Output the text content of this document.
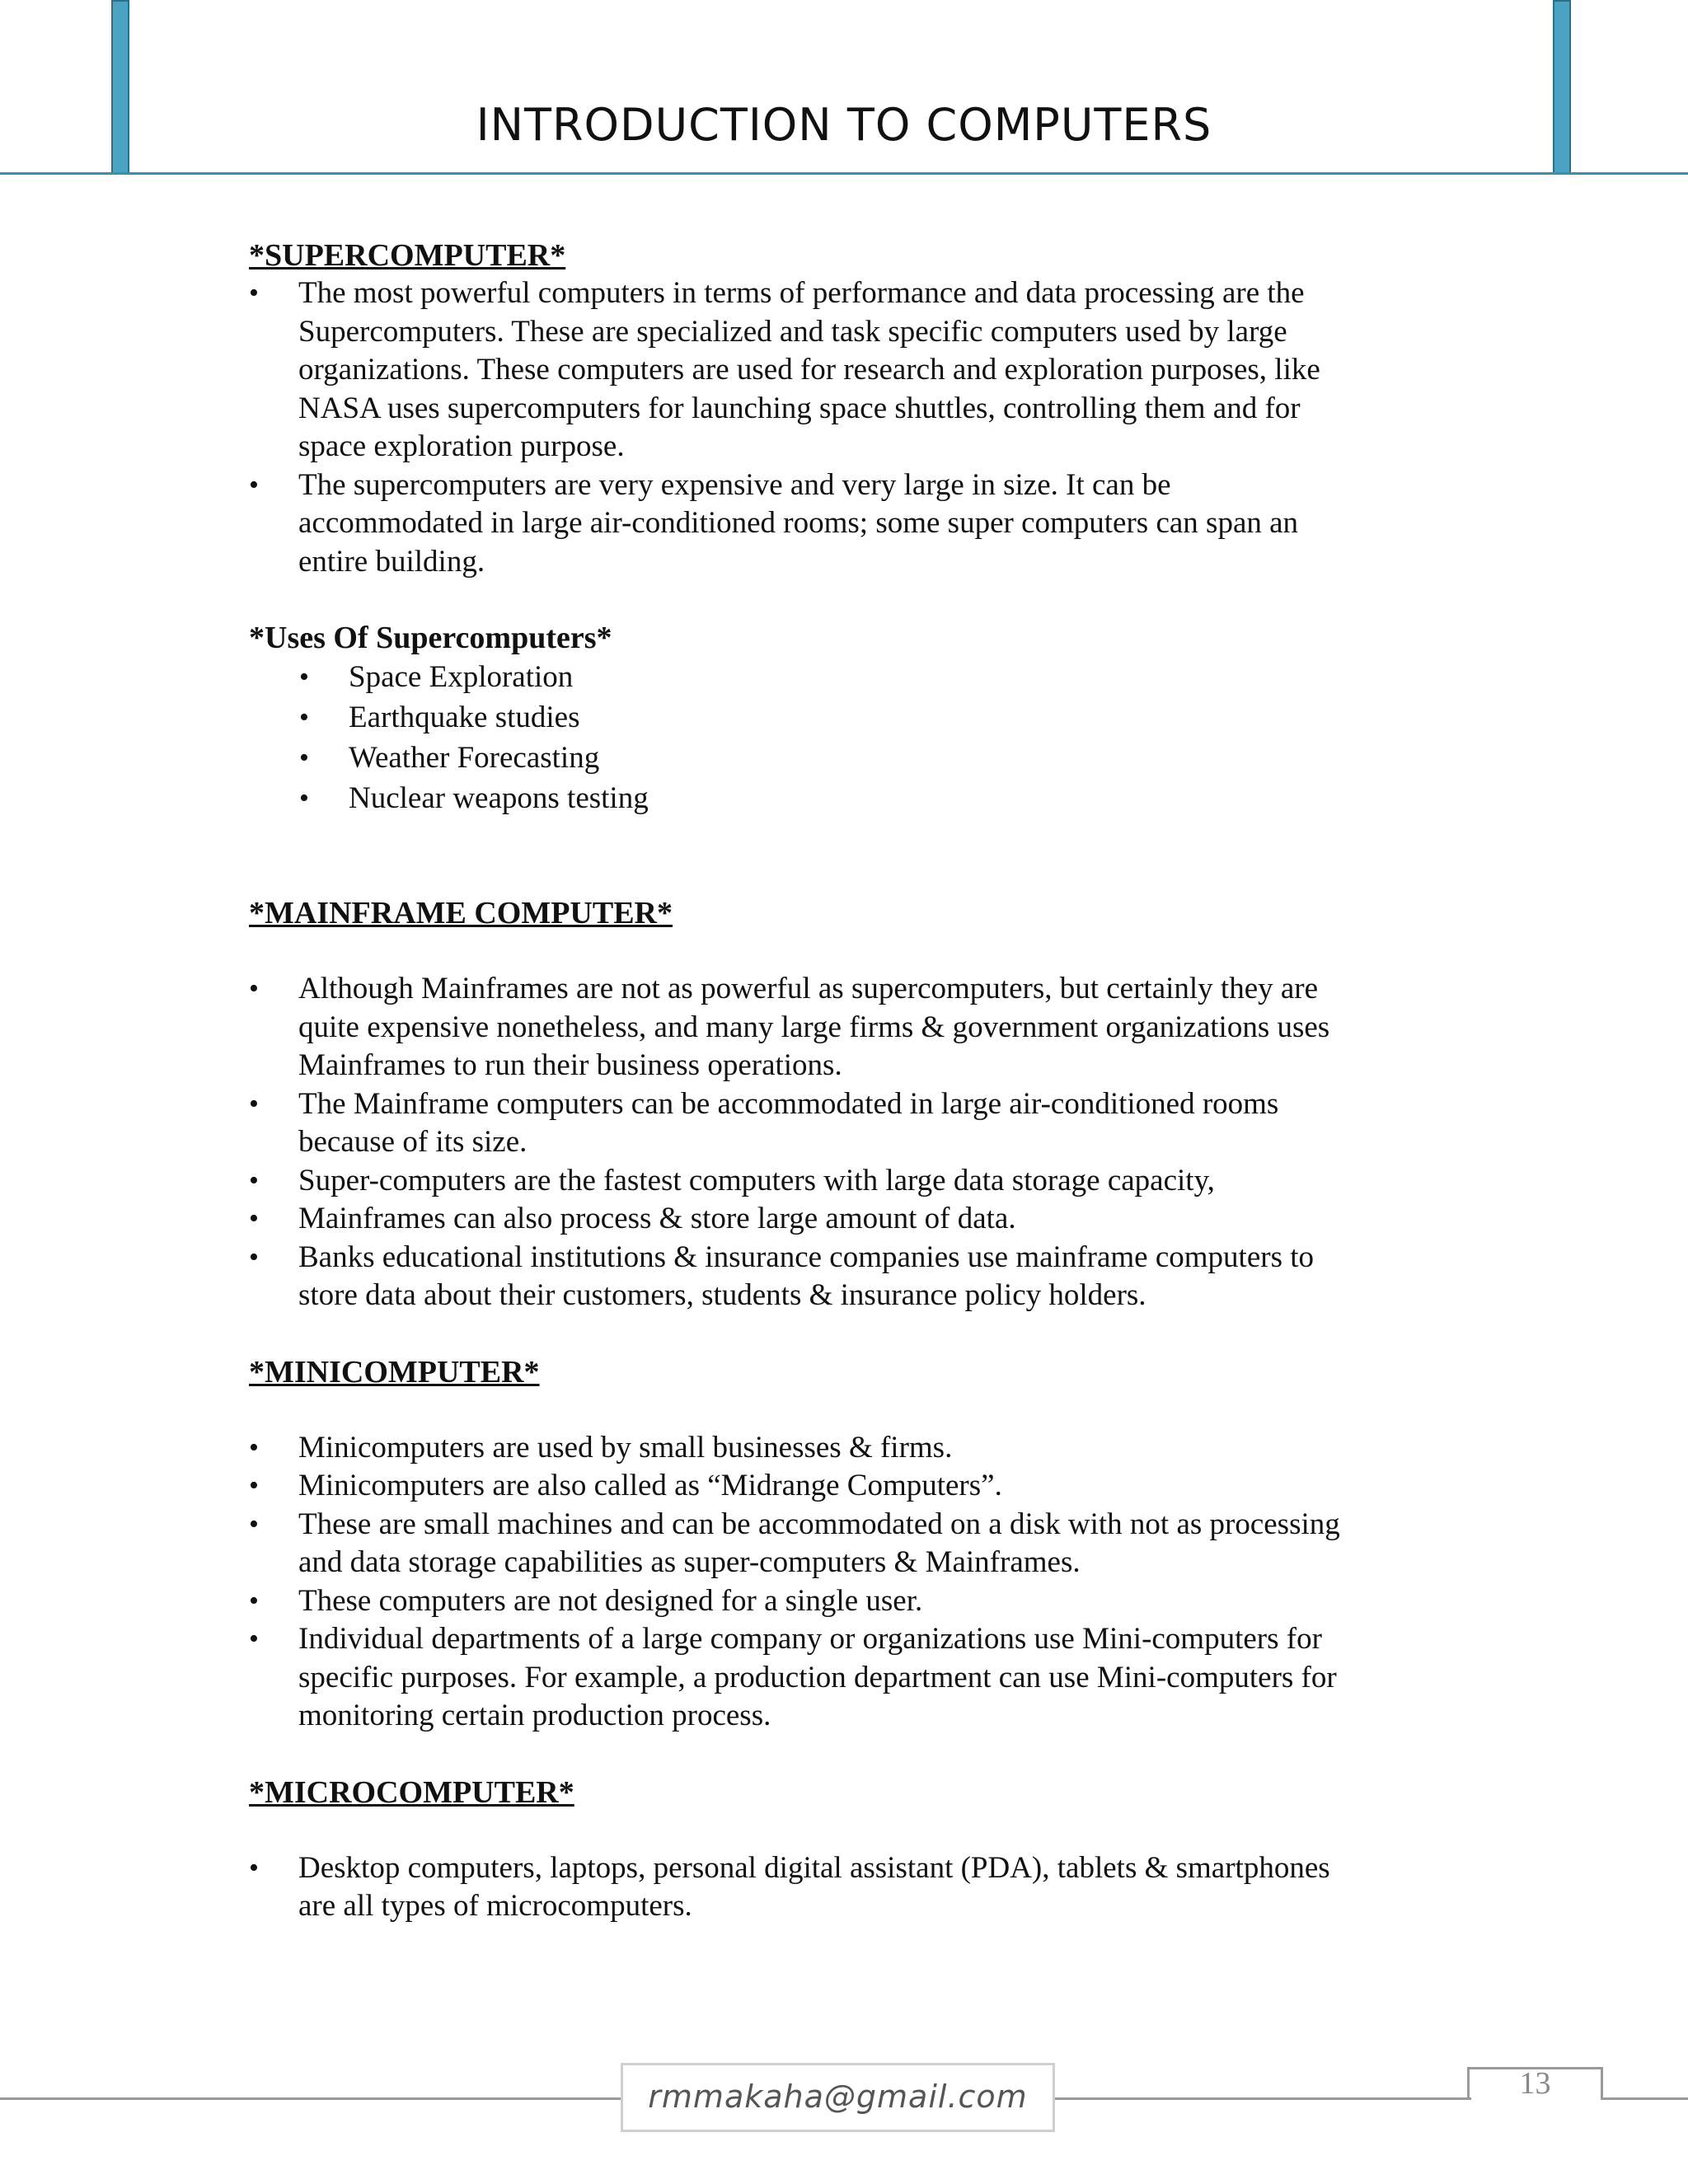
INTRODUCTION TO COMPUTERS
*SUPERCOMPUTER*
• The most powerful computers in terms of performance and data processing are the
Supercomputers. These are specialized and task specific computers used by large
organizations. These computers are used for research and exploration purposes, like
NASA uses supercomputers for launching space shuttles, controlling them and for
space exploration purpose.
• The supercomputers are very expensive and very large in size. It can be
accommodated in large air-conditioned rooms; some super computers can span an
entire building.
*Uses Of Supercomputers*
• Space Exploration
• Earthquake studies
• Weather Forecasting
• Nuclear weapons testing
*MAINFRAME COMPUTER*
• Although Mainframes are not as powerful as supercomputers, but certainly they are
quite expensive nonetheless, and many large firms & government organizations uses
Mainframes to run their business operations.
• The Mainframe computers can be accommodated in large air-conditioned rooms
because of its size.
• Super-computers are the fastest computers with large data storage capacity,
• Mainframes can also process & store large amount of data.
• Banks educational institutions & insurance companies use mainframe computers to
store data about their customers, students & insurance policy holders.
*MINICOMPUTER*
• Minicomputers are used by small businesses & firms.
• Minicomputers are also called as “Midrange Computers”.
• These are small machines and can be accommodated on a disk with not as processing
and data storage capabilities as super-computers & Mainframes.
• These computers are not designed for a single user.
• Individual departments of a large company or organizations use Mini-computers for
specific purposes. For example, a production department can use Mini-computers for
monitoring certain production process.
*MICROCOMPUTER*
• Desktop computers, laptops, personal digital assistant (PDA), tablets & smartphones
are all types of microcomputers.
rmmakaha@gmail.com	13
